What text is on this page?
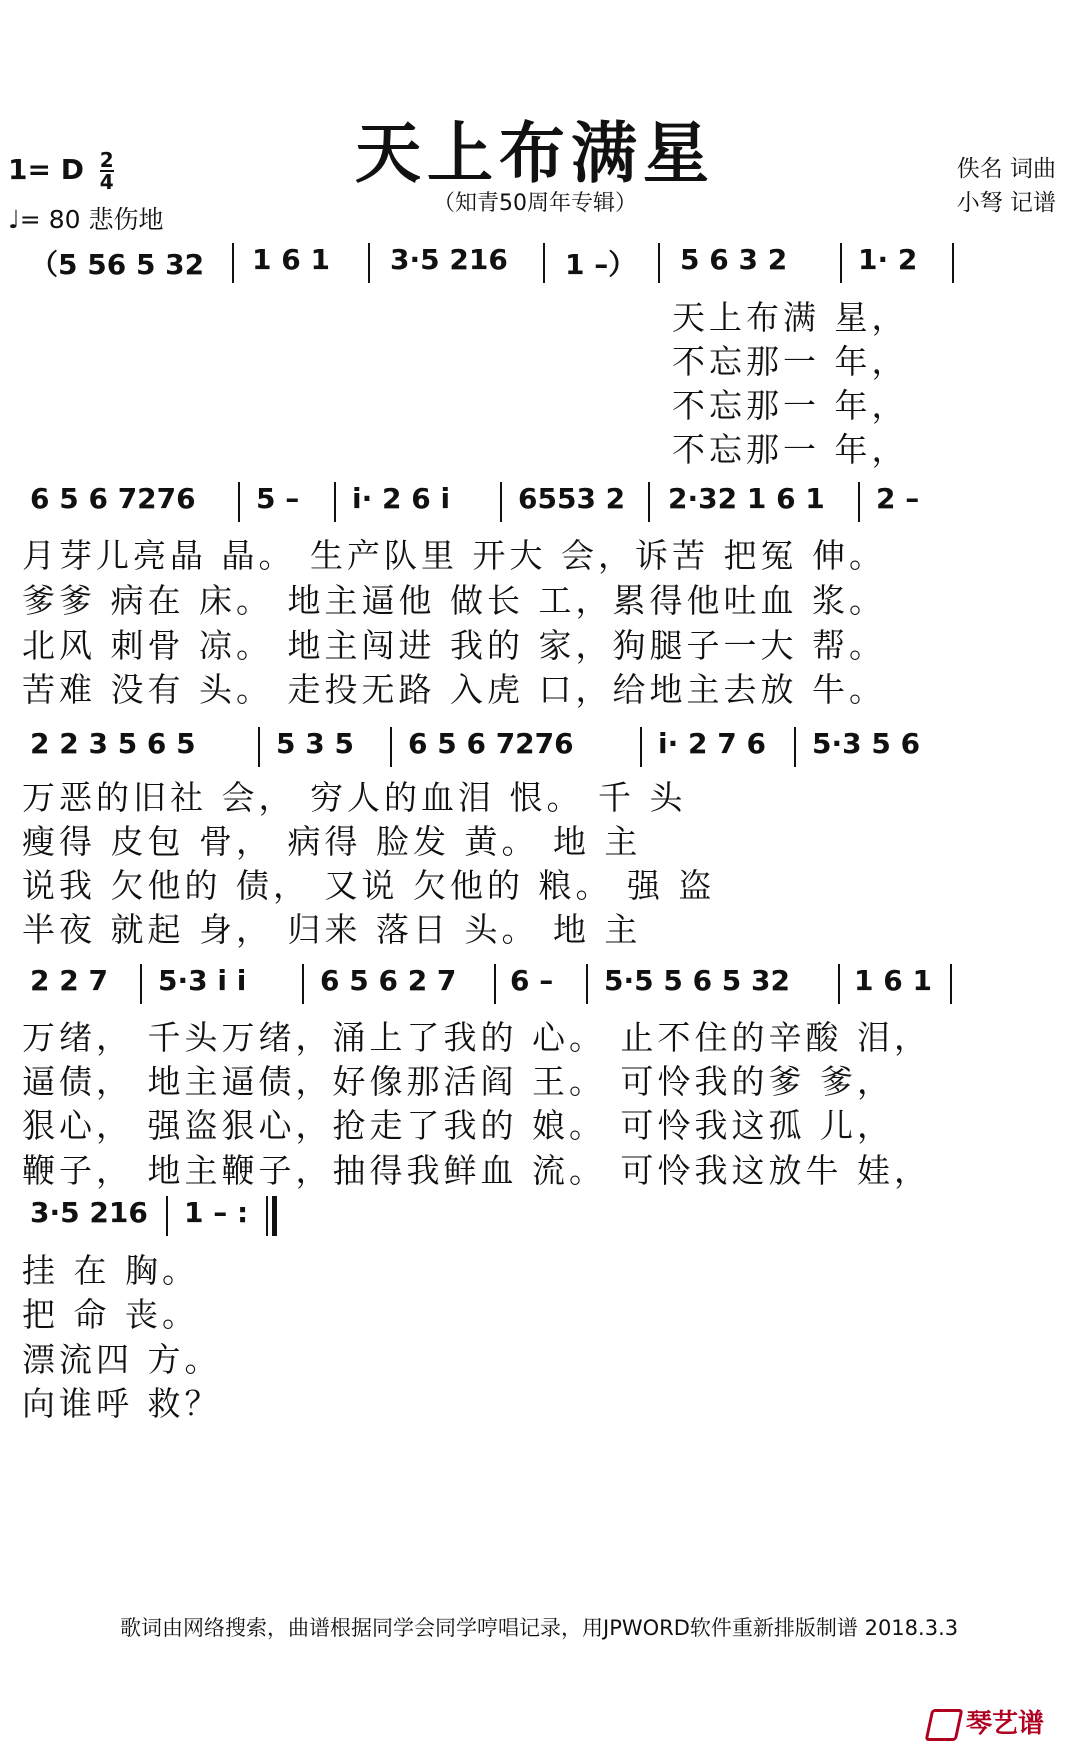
天上布满星
（知青50周年专辑）
1= D $\frac{2}{4}$
♩= 80 悲伤地
佚名 词曲
小弩 记谱
（5 56 5 32 1 6 1 3·5 216 1 –） 5 6 3 2	1· 2
天上布满 星，
不忘那一 年，
不忘那一 年，
不忘那一 年，
6 5 6 7276 5 – i· 2 6 i 6553 2 2·32 1 6 1 2 –
月芽儿亮晶 晶。 生产队里 开大 会，诉苦 把冤 伸。
爹爹 病在 床。 地主逼他 做长 工，累得他吐血 浆。
北风 刺骨 凉。 地主闯进 我的 家，狗腿子一大 帮。
苦难 没有 头。 走投无路 入虎 口，给地主去放 牛。
2 2 3 5 6 5	5 3 5 6 5 6 7276	i· 2 7 6 5·3 5 6
万恶的旧社 会， 穷人的血泪 恨。 千 头
瘦得 皮包 骨， 病得 脸发 黄。 地 主
说我 欠他的 债， 又说 欠他的 粮。 强 盗
半夜 就起 身， 归来 落日 头。 地 主
2 2 7 5·3 i i	6 5 6 2 7 6 – 5·5 5 6 5 32 1 6 1
万绪， 千头万绪，涌上了我的 心。 止不住的辛酸 泪，
逼债， 地主逼债，好像那活阎 王。 可怜我的爹 爹，
狠心， 强盗狠心，抢走了我的 娘。 可怜我这孤 儿，
鞭子， 地主鞭子，抽得我鲜血 流。 可怜我这放牛 娃，
3·5 216 1 – :
挂 在 胸。
把 命 丧。
漂流四 方。
向谁呼 救？
歌词由网络搜索，曲谱根据同学会同学哼唱记录，用JPWORD软件重新排版制谱 2018.3.3
琴艺谱
